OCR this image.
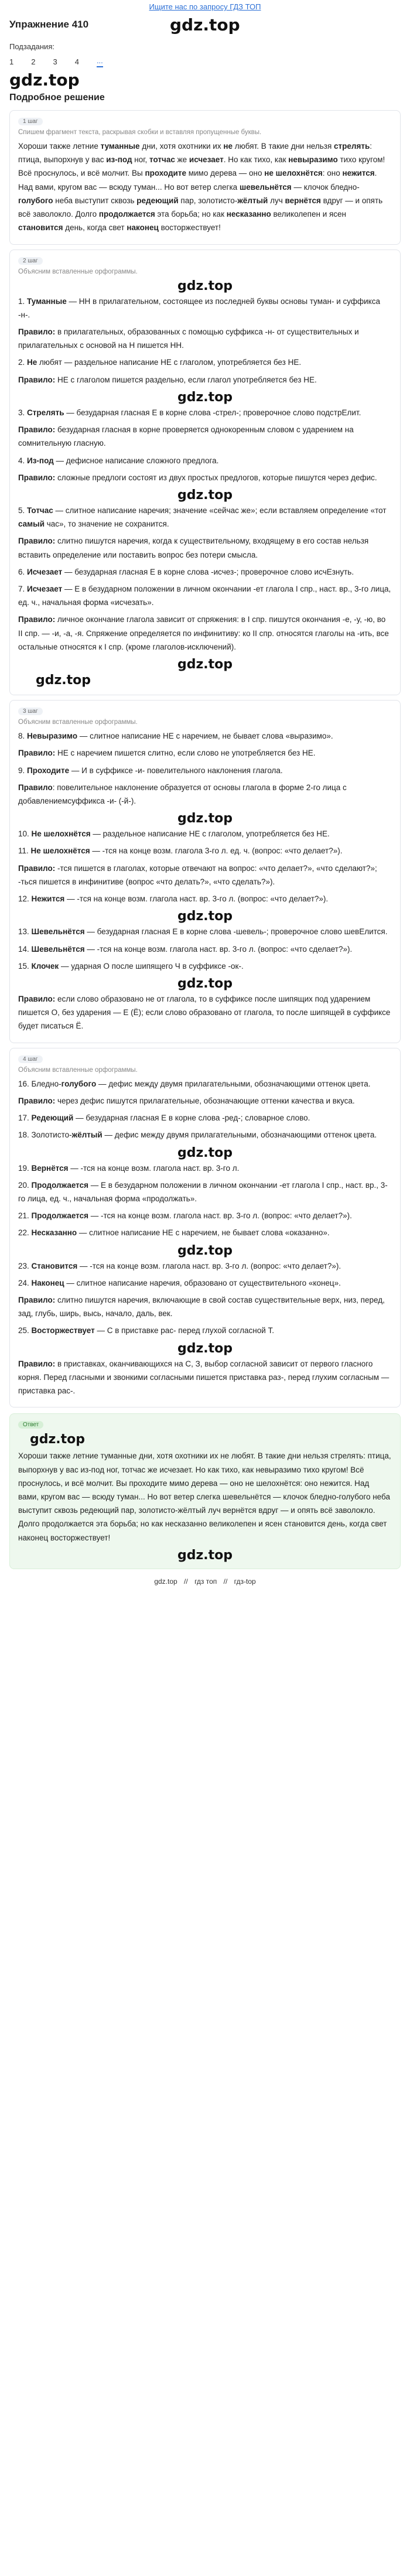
Ищите нас по запросу ГДЗ ТОП
Упражнение 410	gdz.top
Подзадания:
1 2 3 4 ...
gdz.top
Подробное решение
1 шаг

Спишем фрагмент текста, раскрывая скобки и вставляя пропущенные буквы.

Хороши также летние туманные дни, хотя охотники их не любят. В такие дни нельзя стрелять: птица, выпорхнув у вас из-под ног, тотчас же исчезает. Но как тихо, как невыразимо тихо кругом! Всё проснулось, и всё молчит. Вы проходите мимо дерева — оно не шелохнётся: оно нежится. Над вами, кругом вас — всюду туман... Но вот ветер слегка шевельнётся — клочок бледно-голубого неба выступит сквозь редеющий пар, золотисто-жёлтый луч вернётся вдруг — и опять всё заволокло. Долго продолжается эта борьба; но как несказанно великолепен и ясен становится день, когда свет наконец восторжествует!

2 шаг

Объясним вставленные орфограммы.

gdz.top

1. Туманные — НН в прилагательном, состоящее из последней буквы основы туман- и суффикса -н-.

Правило: в прилагательных, образованных с помощью суффикса -н- от существительных и прилагательных с основой на Н пишется НН.

2. Не любят — раздельное написание НЕ с глаголом, употребляется без НЕ.

Правило: НЕ с глаголом пишется раздельно, если глагол употребляется без НЕ.

gdz.top

3. Стрелять — безударная гласная Е в корне слова -стрел-; проверочное слово подстрЕлит.

Правило: безударная гласная в корне проверяется однокоренным словом с ударением на сомнительную гласную.

4. Из-под — дефисное написание сложного предлога.

Правило: сложные предлоги состоят из двух простых предлогов, которые пишутся через дефис.

gdz.top

5. Тотчас — слитное написание наречия; значение «сейчас же»; если вставляем определение «тот самый час», то значение не сохранится.

Правило: слитно пишутся наречия, когда к существительному, входящему в его состав нельзя вставить определение или поставить вопрос без потери смысла.

6. Исчезает — безударная гласная Е в корне слова -исчез-; проверочное слово исчЕзнуть.

7. Исчезает — Е в безударном положении в личном окончании -ет глагола I спр., наст. вр., 3-го лица, ед. ч., начальная форма «исчезать».

Правило: личное окончание глагола зависит от спряжения: в I спр. пишутся окончания -е, -у, -ю, во II спр. — -и, -а, -я. Спряжение определяется по инфинитиву: ко II спр. относятся глаголы на -ить, все остальные относятся к I спр. (кроме глаголов-исключений).

gdz.top
gdz.top
3 шаг

Объясним вставленные орфограммы.

8. Невыразимо — слитное написание НЕ с наречием, не бывает слова «выразимо».

Правило: НЕ с наречием пишется слитно, если слово не употребляется без НЕ.

9. Проходите — И в суффиксе -и- повелительного наклонения глагола.

Правило: повелительное наклонение образуется от основы глагола в форме 2-го лица с добавлениемсуффикса -и- (-й-).

gdz.top

10. Не шелохнётся — раздельное написание НЕ с глаголом, употребляется без НЕ.

11. Не шелохнётся — -тся на конце возм. глагола 3-го л. ед. ч. (вопрос: «что делает?»).

Правило: -тся пишется в глаголах, которые отвечают на вопрос: «что делает?», «что сделают?»; -ться пишется в инфинитиве (вопрос «что делать?», «что сделать?»).

12. Нежится — -тся на конце возм. глагола наст. вр. 3-го л. (вопрос: «что делает?»).

gdz.top

13. Шевельнётся — безударная гласная Е в корне слова -шевель-; проверочное слово шевЕлится.

14. Шевельнётся — -тся на конце возм. глагола наст. вр. 3-го л. (вопрос: «что сделает?»).

15. Клочек — ударная О после шипящего Ч в суффиксе -ок-.

gdz.top

Правило: если слово образовано не от глагола, то в суффиксе после шипящих под ударением пишется О, без ударения — Е (Ё); если слово образовано от глагола, то после шипящей в суффиксе будет писаться Ё.

4 шаг

Объясним вставленные орфограммы.

16. Бледно-голубого — дефис между двумя прилагательными, обозначающими оттенок цвета.

Правило: через дефис пишутся прилагательные, обозначающие оттенки качества и вкуса.

17. Редеющий — безударная гласная Е в корне слова -ред-; словарное слово.

18. Золотисто-жёлтый — дефис между двумя прилагательными, обозначающими оттенок цвета.

gdz.top

19. Вернётся — -тся на конце возм. глагола наст. вр. 3-го л.

20. Продолжается — Е в безударном положении в личном окончании -ет глагола I спр., наст. вр., 3-го лица, ед. ч., начальная форма «продолжать».

21. Продолжается — -тся на конце возм. глагола наст. вр. 3-го л. (вопрос: «что делает?»).

22. Несказанно — слитное написание НЕ с наречием, не бывает слова «оказанно».

gdz.top

23. Становится — -тся на конце возм. глагола наст. вр. 3-го л. (вопрос: «что делает?»).

24. Наконец — слитное написание наречия, образовано от существительного «конец».

Правило: слитно пишутся наречия, включающие в свой состав существительные верх, низ, перед, зад, глубь, ширь, высь, начало, даль, век.

25. Восторжествует — С в приставке рас- перед глухой согласной Т.

gdz.top

Правило: в приставках, оканчивающихся на С, З, выбор согласной зависит от первого гласного корня. Перед гласными и звонкими согласными пишется приставка раз-, перед глухим согласным — приставка рас-.

Ответ
gdz.top

Хороши также летние туманные дни, хотя охотники их не любят. В такие дни нельзя стрелять: птица, выпорхнув у вас из-под ног, тотчас же исчезает. Но как тихо, как невыразимо тихо кругом! Всё проснулось, и всё молчит. Вы проходите мимо дерева — оно не шелохнётся: оно нежится. Над вами, кругом вас — всюду туман... Но вот ветер слегка шевельнётся — клочок бледно-голубого неба выступит сквозь редеющий пар, золотисто-жёлтый луч вернётся вдруг — и опять всё заволокло. Долго продолжается эта борьба; но как несказанно великолепен и ясен становится день, когда свет наконец восторжествует!

gdz.top
gdz.top // гдз топ // гдз-top
